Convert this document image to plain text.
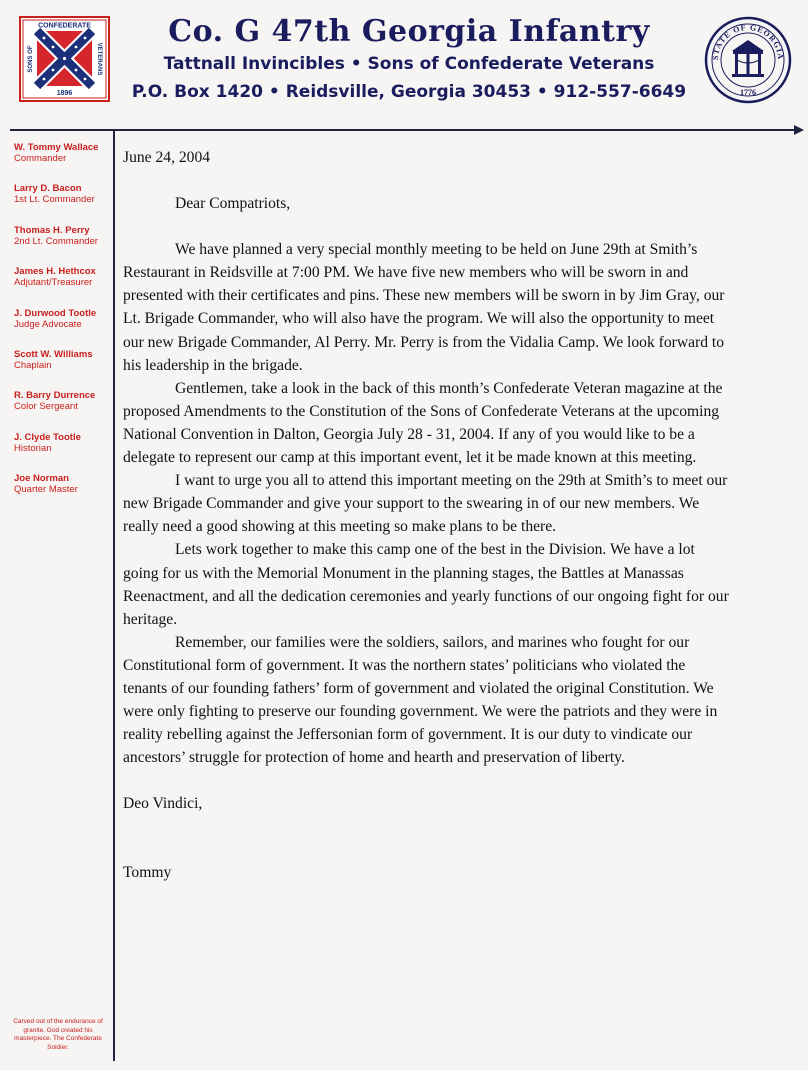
CONFEDERATE
1896
SONS OF	VETERANS
Co. G 47th Georgia Infantry
Tattnall Invincibles • Sons of Confederate Veterans
P.O. Box 1420 • Reidsville, Georgia 30453 • 912-557-6649
STATE OF GEORGIA
1776
W. Tommy Wallace
Commander
Larry D. Bacon
1st Lt. Commander
Thomas H. Perry
2nd Lt. Commander
James H. Hethcox
Adjutant/Treasurer
J. Durwood Tootle
Judge Advocate
Scott W. Williams
Chaplain
R. Barry Durrence
Color Sergeant
J. Clyde Tootle
Historian
Joe Norman
Quarter Master
Carved out of the endurance of granite. God created his masterpiece. The Confederate Soldier.
June 24, 2004
Dear Compatriots,

We have planned a very special monthly meeting to be held on June 29th at Smith’s Restaurant in Reidsville at 7:00 PM. We have five new members who will be sworn in and presented with their certificates and pins. These new members will be sworn in by Jim Gray, our Lt. Brigade Commander, who will also have the program. We will also the opportunity to meet our new Brigade Commander, Al Perry. Mr. Perry is from the Vidalia Camp. We look forward to his leadership in the brigade.

Gentlemen, take a look in the back of this month’s Confederate Veteran magazine at the proposed Amendments to the Constitution of the Sons of Confederate Veterans at the upcoming National Convention in Dalton, Georgia July 28 - 31, 2004. If any of you would like to be a delegate to represent our camp at this important event, let it be made known at this meeting.

I want to urge you all to attend this important meeting on the 29th at Smith’s to meet our new Brigade Commander and give your support to the swearing in of our new members. We really need a good showing at this meeting so make plans to be there.

Lets work together to make this camp one of the best in the Division. We have a lot going for us with the Memorial Monument in the planning stages, the Battles at Manassas Reenactment, and all the dedication ceremonies and yearly functions of our ongoing fight for our heritage.

Remember, our families were the soldiers, sailors, and marines who fought for our Constitutional form of government. It was the northern states’ politicians who violated the tenants of our founding fathers’ form of government and violated the original Constitution. We were only fighting to preserve our founding government. We were the patriots and they were in reality rebelling against the Jeffersonian form of government. It is our duty to vindicate our ancestors’ struggle for protection of home and hearth and preservation of liberty.

Deo Vindici,
Tommy
